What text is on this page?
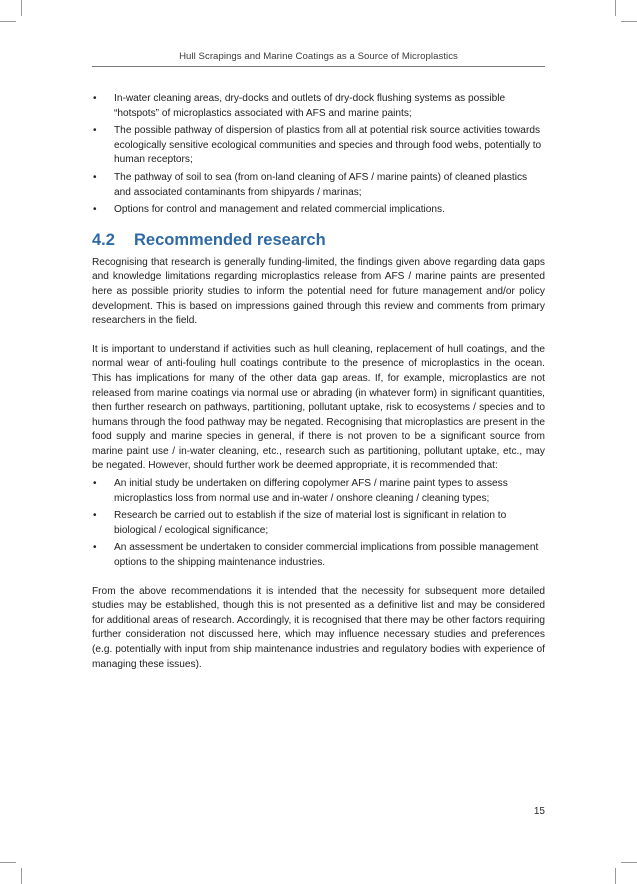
Hull Scrapings and Marine Coatings as a Source of Microplastics
• In-water cleaning areas, dry-docks and outlets of dry-dock flushing systems as possible “hotspots” of microplastics associated with AFS and marine paints;
• The possible pathway of dispersion of plastics from all at potential risk source activities towards ecologically sensitive ecological communities and species and through food webs, potentially to human receptors;
• The pathway of soil to sea (from on-land cleaning of AFS / marine paints) of cleaned plastics and associated contaminants from shipyards / marinas;
• Options for control and management and related commercial implications.
4.2 Recommended research

Recognising that research is generally funding-limited, the findings given above regarding data gaps and knowledge limitations regarding microplastics release from AFS / marine paints are presented here as possible priority studies to inform the potential need for future management and/or policy development. This is based on impressions gained through this review and comments from primary researchers in the field.

It is important to understand if activities such as hull cleaning, replacement of hull coatings, and the normal wear of anti-fouling hull coatings contribute to the presence of microplastics in the ocean. This has implications for many of the other data gap areas. If, for example, microplastics are not released from marine coatings via normal use or abrading (in whatever form) in significant quantities, then further research on pathways, partitioning, pollutant uptake, risk to ecosystems / species and to humans through the food pathway may be negated. Recognising that microplastics are present in the food supply and marine species in general, if there is not proven to be a significant source from marine paint use / in-water cleaning, etc., research such as partitioning, pollutant uptake, etc., may be negated. However, should further work be deemed appropriate, it is recommended that:

• An initial study be undertaken on differing copolymer AFS / marine paint types to assess microplastics loss from normal use and in-water / onshore cleaning / cleaning types;
• Research be carried out to establish if the size of material lost is significant in relation to biological / ecological significance;
• An assessment be undertaken to consider commercial implications from possible management options to the shipping maintenance industries.

From the above recommendations it is intended that the necessity for subsequent more detailed studies may be established, though this is not presented as a definitive list and may be considered for additional areas of research. Accordingly, it is recognised that there may be other factors requiring further consideration not discussed here, which may influence necessary studies and preferences (e.g. potentially with input from ship maintenance industries and regulatory bodies with experience of managing these issues).

15
